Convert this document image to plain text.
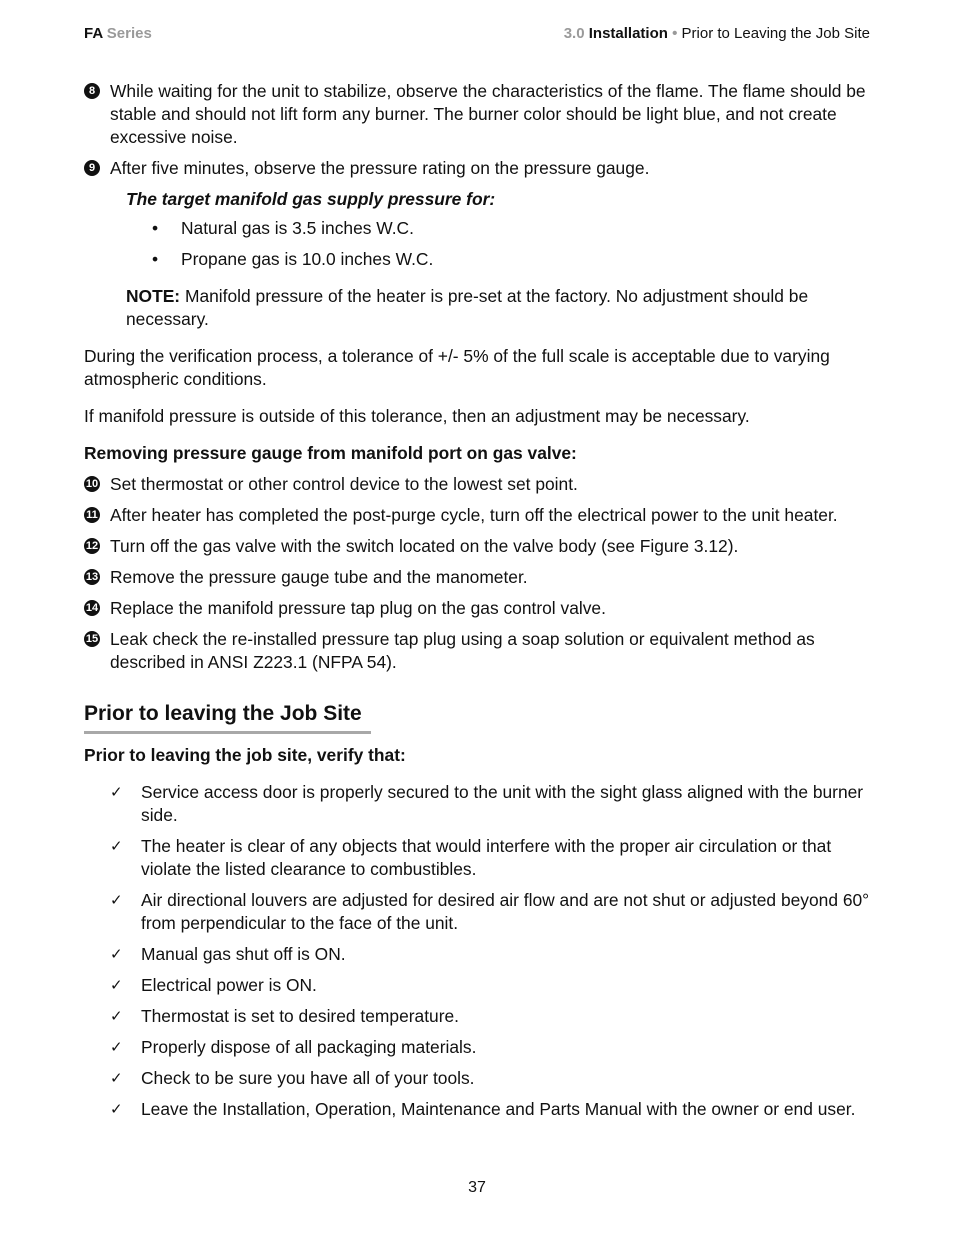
FA Series	3.0 Installation • Prior to Leaving the Job Site
8 While waiting for the unit to stabilize, observe the characteristics of the flame. The flame should be stable and should not lift form any burner. The burner color should be light blue, and not create excessive noise.
9 After five minutes, observe the pressure rating on the pressure gauge.
The target manifold gas supply pressure for:
• Natural gas is 3.5 inches W.C.
• Propane gas is 10.0 inches W.C.
NOTE: Manifold pressure of the heater is pre-set at the factory. No adjustment should be necessary.

During the verification process, a tolerance of +/- 5% of the full scale is acceptable due to varying atmospheric conditions.

If manifold pressure is outside of this tolerance, then an adjustment may be necessary.

Removing pressure gauge from manifold port on gas valve:
10 Set thermostat or other control device to the lowest set point.
11 After heater has completed the post-purge cycle, turn off the electrical power to the unit heater.
12 Turn off the gas valve with the switch located on the valve body (see Figure 3.12).
13 Remove the pressure gauge tube and the manometer.
14 Replace the manifold pressure tap plug on the gas control valve.
15 Leak check the re-installed pressure tap plug using a soap solution or equivalent method as described in ANSI Z223.1 (NFPA 54).
Prior to leaving the Job Site
Prior to leaving the job site, verify that:
✓ Service access door is properly secured to the unit with the sight glass aligned with the burner side.
✓ The heater is clear of any objects that would interfere with the proper air circulation or that violate the listed clearance to combustibles.
✓ Air directional louvers are adjusted for desired air flow and are not shut or adjusted beyond 60° from perpendicular to the face of the unit.
✓ Manual gas shut off is ON.
✓ Electrical power is ON.
✓ Thermostat is set to desired temperature.
✓ Properly dispose of all packaging materials.
✓ Check to be sure you have all of your tools.
✓ Leave the Installation, Operation, Maintenance and Parts Manual with the owner or end user.
37
